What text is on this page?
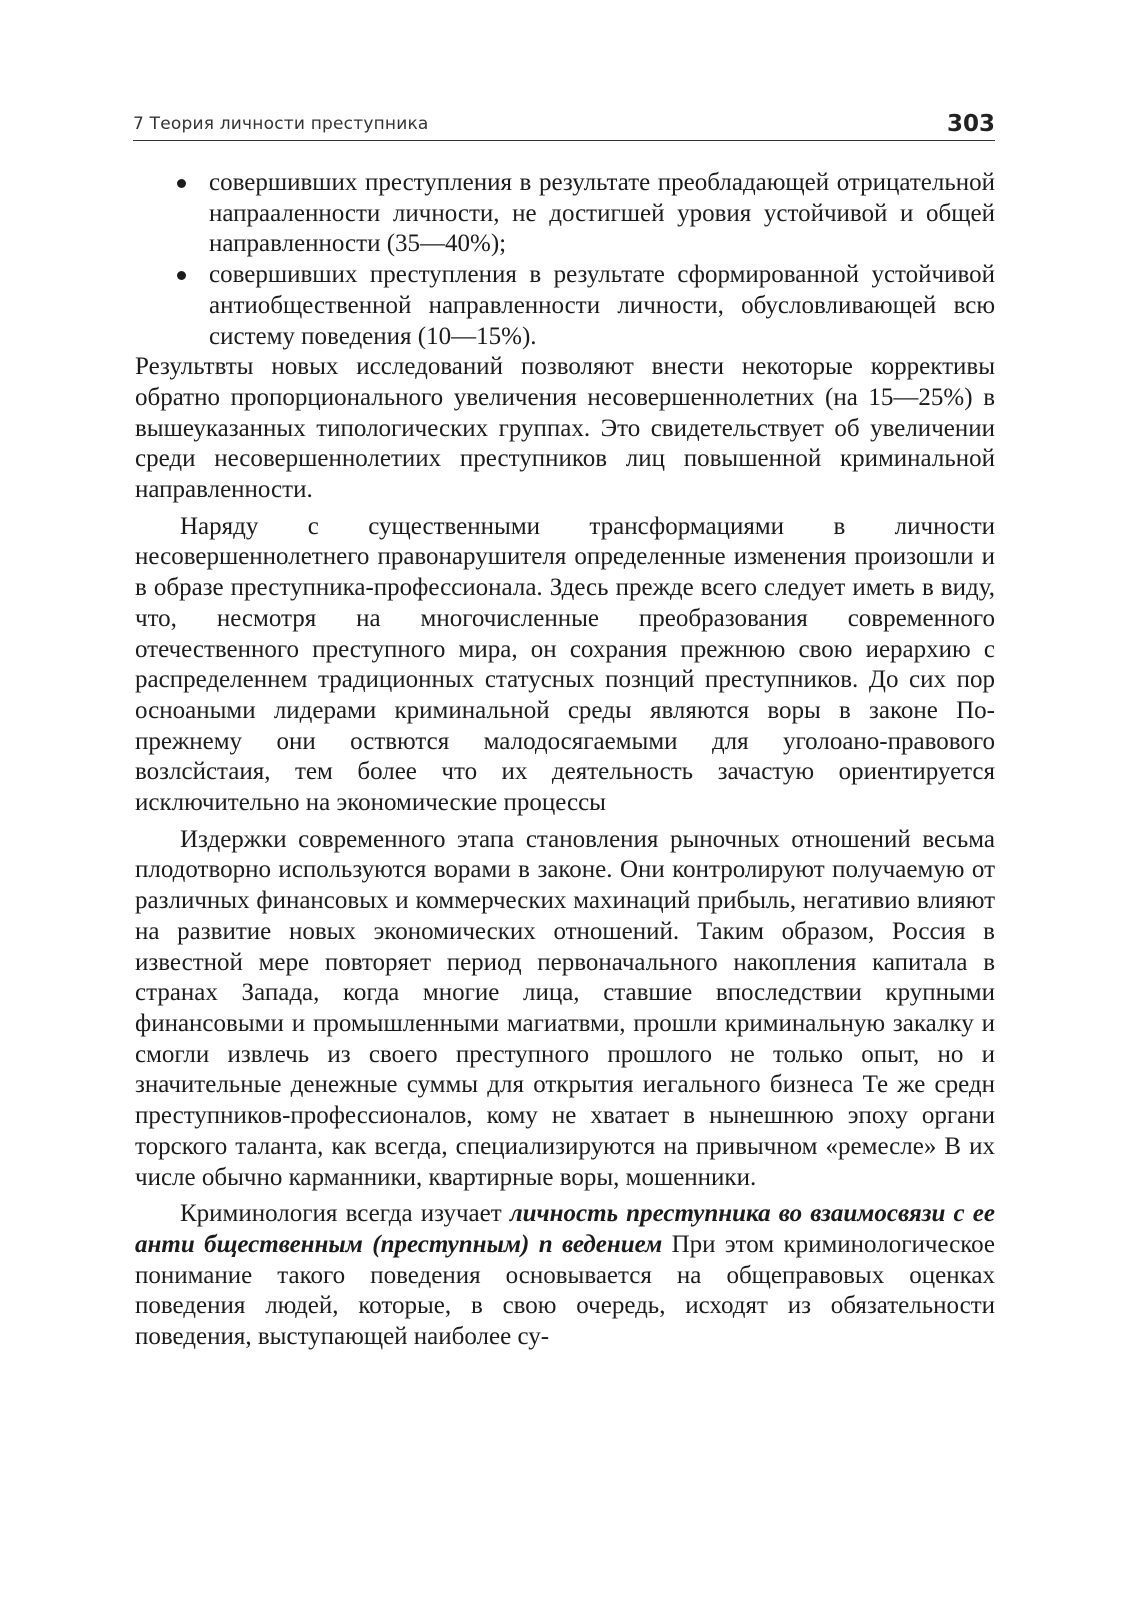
7 Теория личности преступника	303
совершивших преступления в результате преобладающей отрицательной напрааленности личности, не достигшей уровия устойчивой и общей направленности (35—40%);
совершивших преступления в результате сформированной устойчивой антиобщественной направленности личности, обусловливающей всю систему поведения (10—15%).

Результвты новых исследований позволяют внести некоторые коррективы обратно пропорционального увеличения несовершеннолетних (на 15—25%) в вышеуказанных типологических группах. Это свидетельствует об увеличении среди несовершеннолетиих преступников лиц повышенной криминальной направленности.

Наряду с существенными трансформациями в личности несовершеннолетнего правонарушителя определенные изменения произошли и в образе преступника-профессионала. Здесь прежде всего следует иметь в виду, что, несмотря на многочисленные преобразования современного отечественного преступного мира, он сохрания прежнюю свою иерархию с распределеннем традиционных статусных познций преступников. До сих пор осноаными лидерами криминальной среды являются воры в законе По-прежнему они оствются малодосягаемыми для уголоано-правового возлсйстаия, тем более что их деятельность зачастую ориентируется исключительно на экономические процессы

Издержки современного этапа становления рыночных отношений весьма плодотворно используются ворами в законе. Они контролируют получаемую от различных финансовых и коммерческих махинаций прибыль, негативио влияют на развитие новых экономических отношений. Таким образом, Россия в известной мере повторяет период первоначального накопления капитала в странах Запада, когда многие лица, ставшие впоследствии крупными финансовыми и промышленными магиатвми, прошли криминальную закалку и смогли извлечь из своего преступного прошлого не только опыт, но и значительные денежные суммы для открытия иегального бизнеса Те же средн преступников-профессионалов, кому не хватает в нынешнюю эпоху органи торского таланта, как всегда, специализируются на привычном «ремесле» В их числе обычно карманники, квартирные воры, мошенники.

Криминология всегда изучает личность преступника во взаимосвязи с ее анти бщественным (преступным) п ведением При этом криминологическое понимание такого поведения основывается на общеправовых оценках поведения людей, которые, в свою очередь, исходят из обязательности поведения, выступающей наиболее су-
